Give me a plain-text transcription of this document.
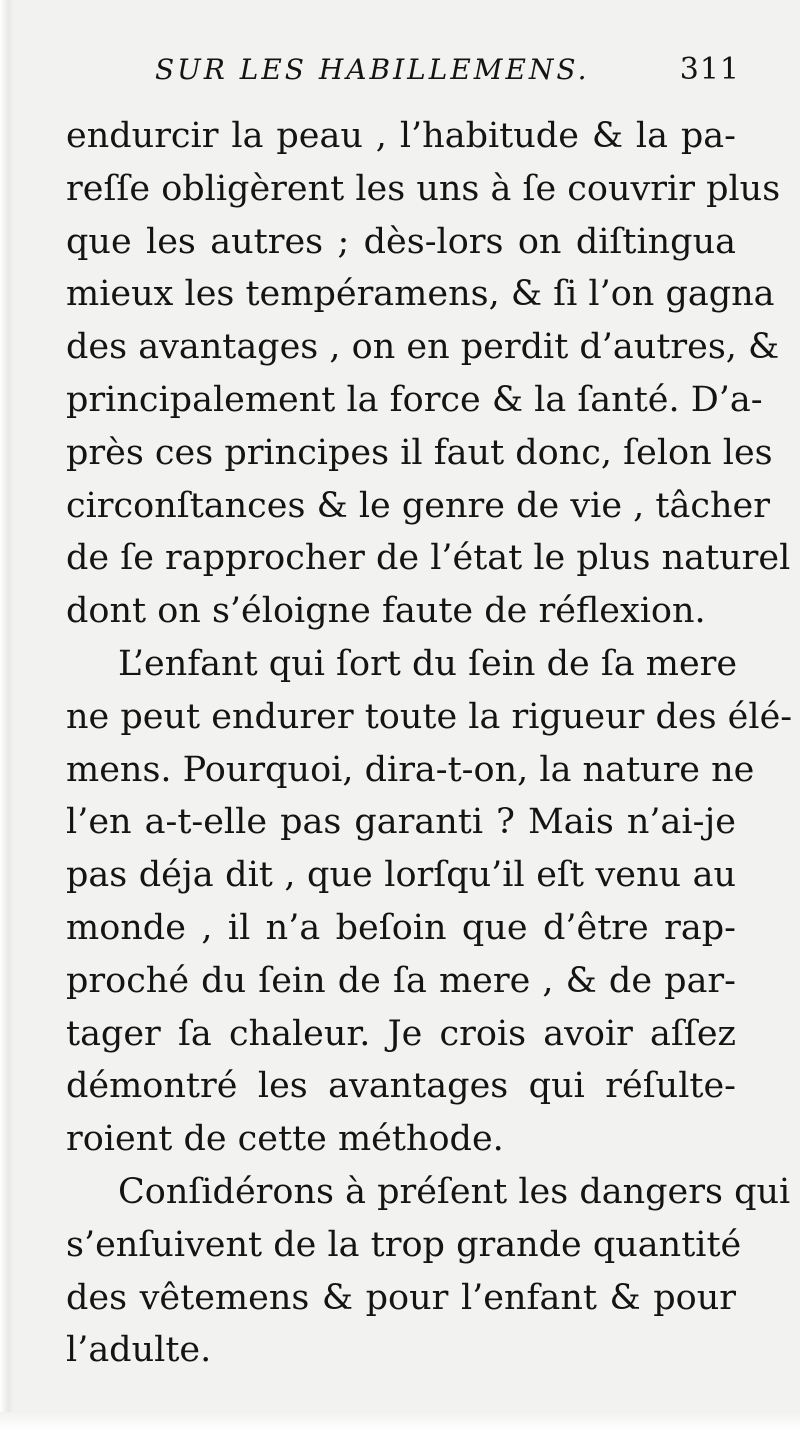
SUR LES HABILLEMENS.	311
endurcir la peau , l’habitude & la pa-
reſſe obligèrent les uns à ſe couvrir plus
que les autres ; dès-lors on diſtingua
mieux les tempéramens, & ſi l’on gagna
des avantages , on en perdit d’autres, &
principalement la force & la ſanté. D’a-
près ces principes il faut donc, ſelon les
circonſtances & le genre de vie , tâcher
de ſe rapprocher de l’état le plus naturel
dont on s’éloigne faute de réflexion.
L’enfant qui ſort du ſein de ſa mere
ne peut endurer toute la rigueur des élé-
mens. Pourquoi, dira-t-on, la nature ne
l’en a-t-elle pas garanti ? Mais n’ai-je
pas déja dit , que lorſqu’il eſt venu au
monde , il n’a beſoin que d’être rap-
proché du ſein de ſa mere , & de par-
tager ſa chaleur. Je crois avoir aſſez
démontré les avantages qui réſulte-
roient de cette méthode.
Conſidérons à préſent les dangers qui
s’enſuivent de la trop grande quantité
des vêtemens & pour l’enfant & pour
l’adulte.
